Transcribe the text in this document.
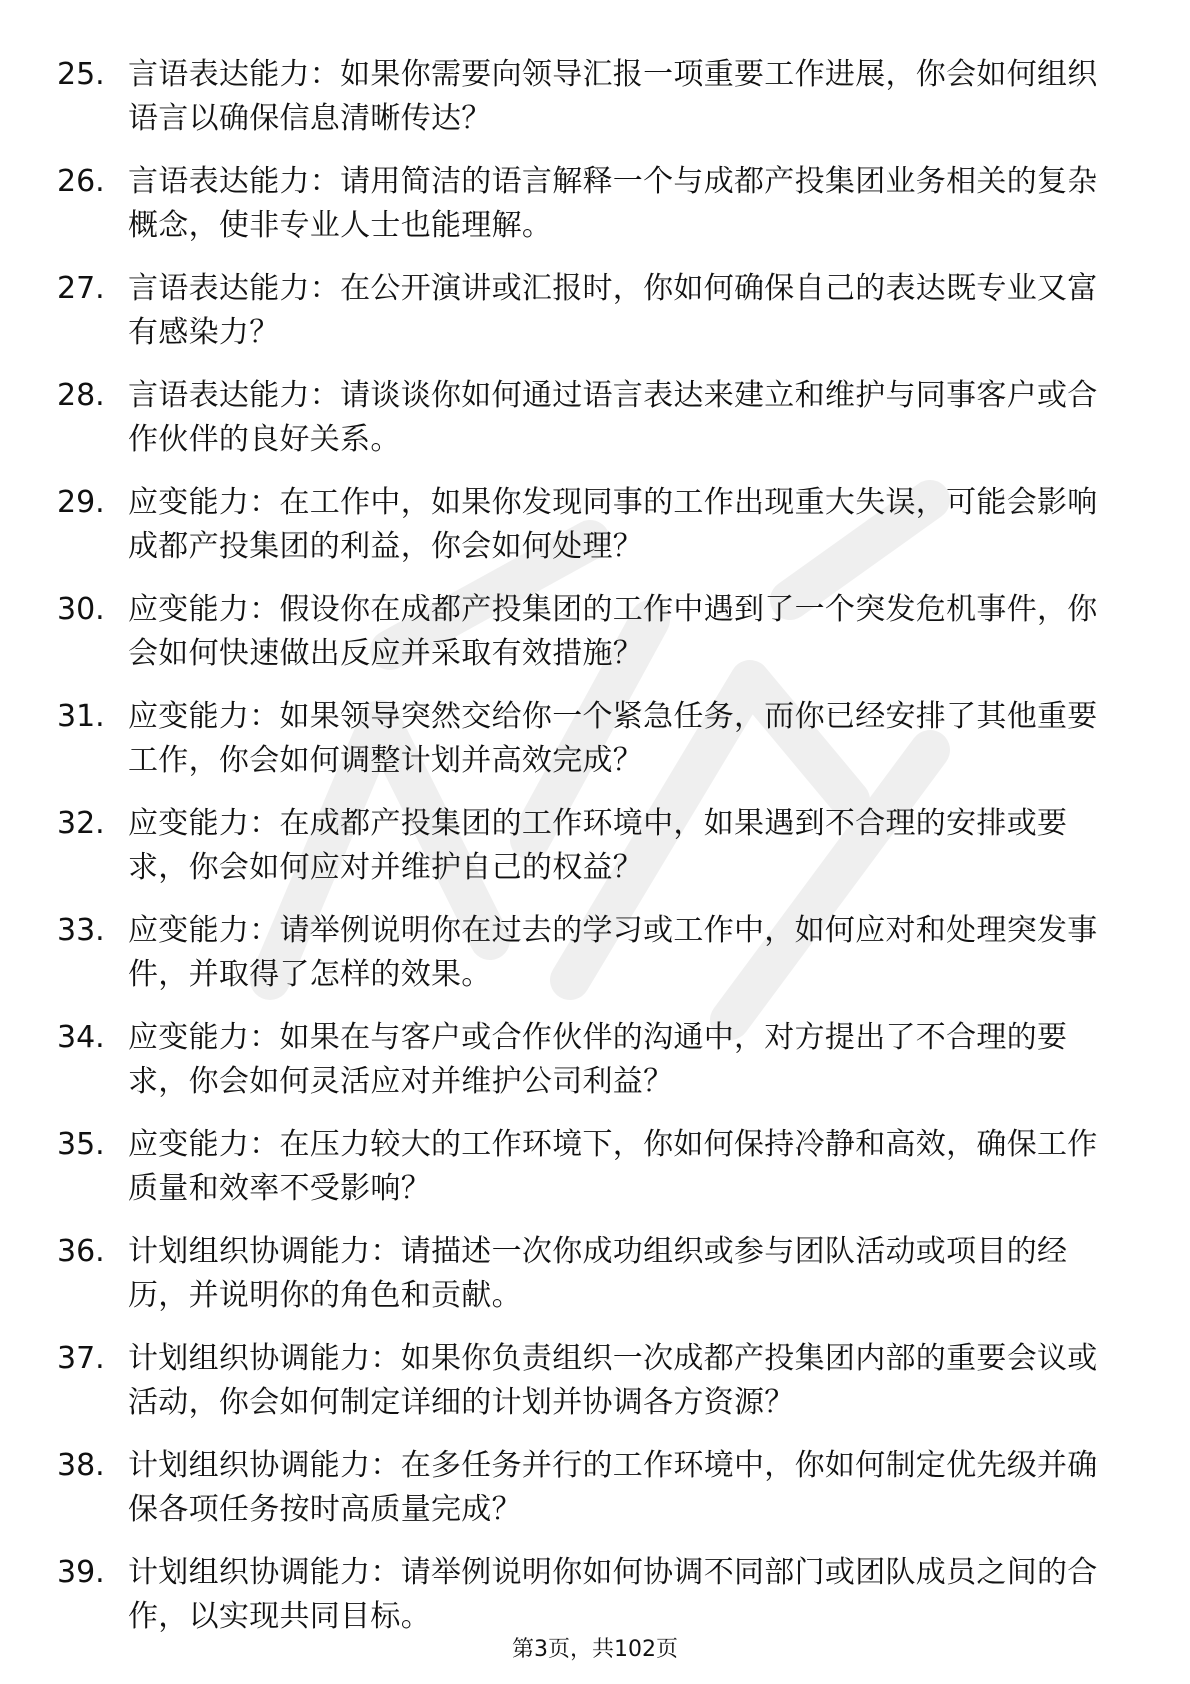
25. 言语表达能力：如果你需要向领导汇报一项重要工作进展，你会如何组织语言以确保信息清晰传达？
26. 言语表达能力：请用简洁的语言解释一个与成都产投集团业务相关的复杂概念，使非专业人士也能理解。
27. 言语表达能力：在公开演讲或汇报时，你如何确保自己的表达既专业又富有感染力？
28. 言语表达能力：请谈谈你如何通过语言表达来建立和维护与同事客户或合作伙伴的良好关系。
29. 应变能力：在工作中，如果你发现同事的工作出现重大失误，可能会影响成都产投集团的利益，你会如何处理？
30. 应变能力：假设你在成都产投集团的工作中遇到了一个突发危机事件，你会如何快速做出反应并采取有效措施？
31. 应变能力：如果领导突然交给你一个紧急任务，而你已经安排了其他重要工作，你会如何调整计划并高效完成？
32. 应变能力：在成都产投集团的工作环境中，如果遇到不合理的安排或要求，你会如何应对并维护自己的权益？
33. 应变能力：请举例说明你在过去的学习或工作中，如何应对和处理突发事件，并取得了怎样的效果。
34. 应变能力：如果在与客户或合作伙伴的沟通中，对方提出了不合理的要求，你会如何灵活应对并维护公司利益？
35. 应变能力：在压力较大的工作环境下，你如何保持冷静和高效，确保工作质量和效率不受影响？
36. 计划组织协调能力：请描述一次你成功组织或参与团队活动或项目的经历，并说明你的角色和贡献。
37. 计划组织协调能力：如果你负责组织一次成都产投集团内部的重要会议或活动，你会如何制定详细的计划并协调各方资源？
38. 计划组织协调能力：在多任务并行的工作环境中，你如何制定优先级并确保各项任务按时高质量完成？
39. 计划组织协调能力：请举例说明你如何协调不同部门或团队成员之间的合作，以实现共同目标。
第3页，共102页
